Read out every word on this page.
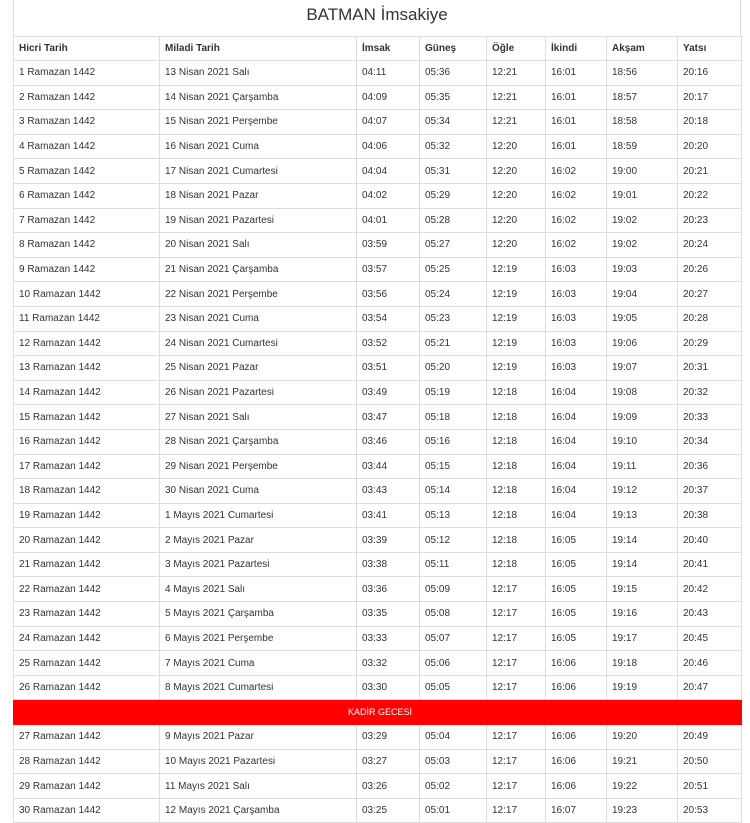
BATMAN İmsakiye
Hicri Tarih	Miladi Tarih	İmsak	Güneş	Öğle	İkindi	Akşam	Yatsı
1 Ramazan 1442	13 Nisan 2021 Salı	04:11	05:36	12:21	16:01	18:56	20:16
2 Ramazan 1442	14 Nisan 2021 Çarşamba	04:09	05:35	12:21	16:01	18:57	20:17
3 Ramazan 1442	15 Nisan 2021 Perşembe	04:07	05:34	12:21	16:01	18:58	20:18
4 Ramazan 1442	16 Nisan 2021 Cuma	04:06	05:32	12:20	16:01	18:59	20:20
5 Ramazan 1442	17 Nisan 2021 Cumartesi	04:04	05:31	12:20	16:02	19:00	20:21
6 Ramazan 1442	18 Nisan 2021 Pazar	04:02	05:29	12:20	16:02	19:01	20:22
7 Ramazan 1442	19 Nisan 2021 Pazartesi	04:01	05:28	12:20	16:02	19:02	20:23
8 Ramazan 1442	20 Nisan 2021 Salı	03:59	05:27	12:20	16:02	19:02	20:24
9 Ramazan 1442	21 Nisan 2021 Çarşamba	03:57	05:25	12:19	16:03	19:03	20:26
10 Ramazan 1442	22 Nisan 2021 Perşembe	03:56	05:24	12:19	16:03	19:04	20:27
11 Ramazan 1442	23 Nisan 2021 Cuma	03:54	05:23	12:19	16:03	19:05	20:28
12 Ramazan 1442	24 Nisan 2021 Cumartesi	03:52	05:21	12:19	16:03	19:06	20:29
13 Ramazan 1442	25 Nisan 2021 Pazar	03:51	05:20	12:19	16:03	19:07	20:31
14 Ramazan 1442	26 Nisan 2021 Pazartesi	03:49	05:19	12:18	16:04	19:08	20:32
15 Ramazan 1442	27 Nisan 2021 Salı	03:47	05:18	12:18	16:04	19:09	20:33
16 Ramazan 1442	28 Nisan 2021 Çarşamba	03:46	05:16	12:18	16:04	19:10	20:34
17 Ramazan 1442	29 Nisan 2021 Perşembe	03:44	05:15	12:18	16:04	19:11	20:36
18 Ramazan 1442	30 Nisan 2021 Cuma	03:43	05:14	12:18	16:04	19:12	20:37
19 Ramazan 1442	1 Mayıs 2021 Cumartesi	03:41	05:13	12:18	16:04	19:13	20:38
20 Ramazan 1442	2 Mayıs 2021 Pazar	03:39	05:12	12:18	16:05	19:14	20:40
21 Ramazan 1442	3 Mayıs 2021 Pazartesi	03:38	05:11	12:18	16:05	19:14	20:41
22 Ramazan 1442	4 Mayıs 2021 Salı	03:36	05:09	12:17	16:05	19:15	20:42
23 Ramazan 1442	5 Mayıs 2021 Çarşamba	03:35	05:08	12:17	16:05	19:16	20:43
24 Ramazan 1442	6 Mayıs 2021 Perşembe	03:33	05:07	12:17	16:05	19:17	20:45
25 Ramazan 1442	7 Mayıs 2021 Cuma	03:32	05:06	12:17	16:06	19:18	20:46
26 Ramazan 1442	8 Mayıs 2021 Cumartesi	03:30	05:05	12:17	16:06	19:19	20:47
KADİR GECESİ							
27 Ramazan 1442	9 Mayıs 2021 Pazar	03:29	05:04	12:17	16:06	19:20	20:49
28 Ramazan 1442	10 Mayıs 2021 Pazartesi	03:27	05:03	12:17	16:06	19:21	20:50
29 Ramazan 1442	11 Mayıs 2021 Salı	03:26	05:02	12:17	16:06	19:22	20:51
30 Ramazan 1442	12 Mayıs 2021 Çarşamba	03:25	05:01	12:17	16:07	19:23	20:53
